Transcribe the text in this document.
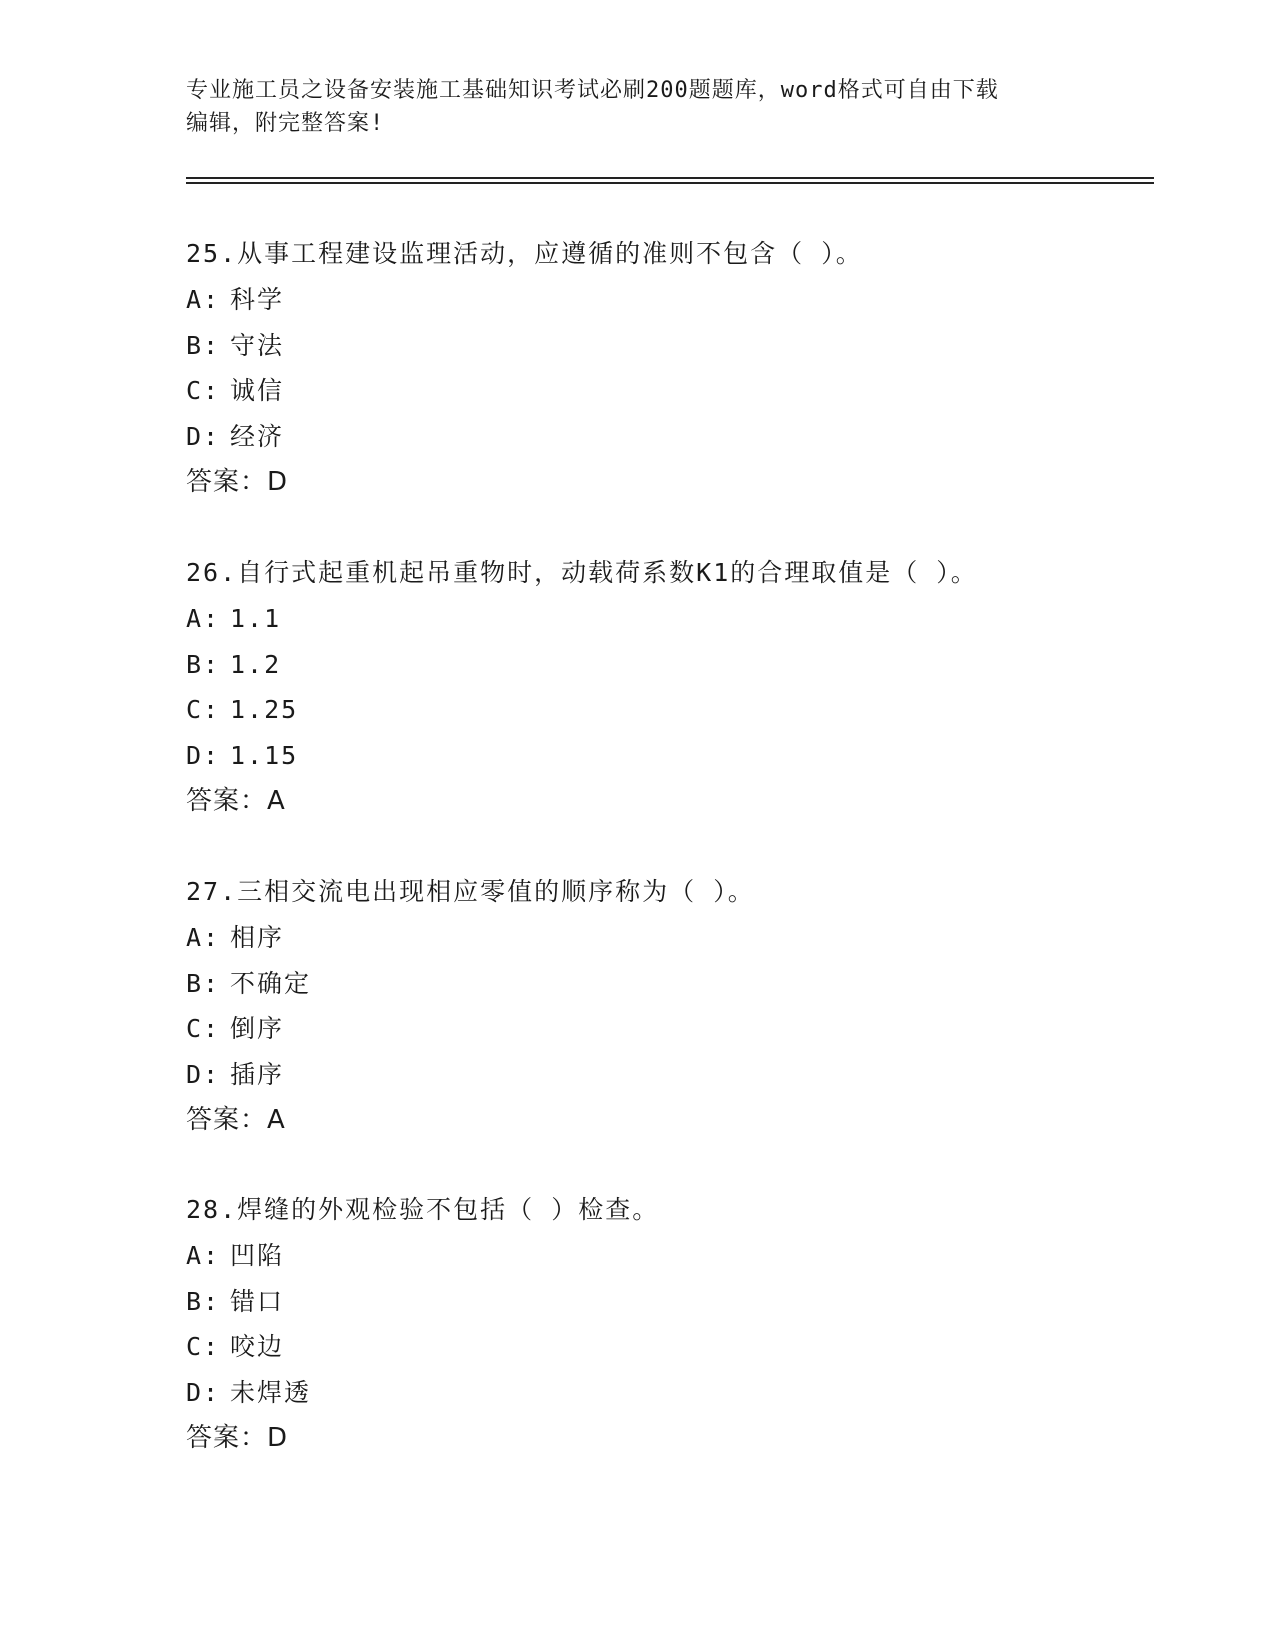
专业施工员之设备安装施工基础知识考试必刷200题题库，word格式可自由下载
编辑，附完整答案!
25.从事工程建设监理活动，应遵循的准则不包含（ ）。
A: 科学
B: 守法
C: 诚信
D: 经济
答案：D
26.自行式起重机起吊重物时，动载荷系数K1的合理取值是（ ）。
A: 1.1
B: 1.2
C: 1.25
D: 1.15
答案：A
27.三相交流电出现相应零值的顺序称为（ ）。
A: 相序
B: 不确定
C: 倒序
D: 插序
答案：A
28.焊缝的外观检验不包括（ ）检查。
A: 凹陷
B: 错口
C: 咬边
D: 未焊透
答案：D
